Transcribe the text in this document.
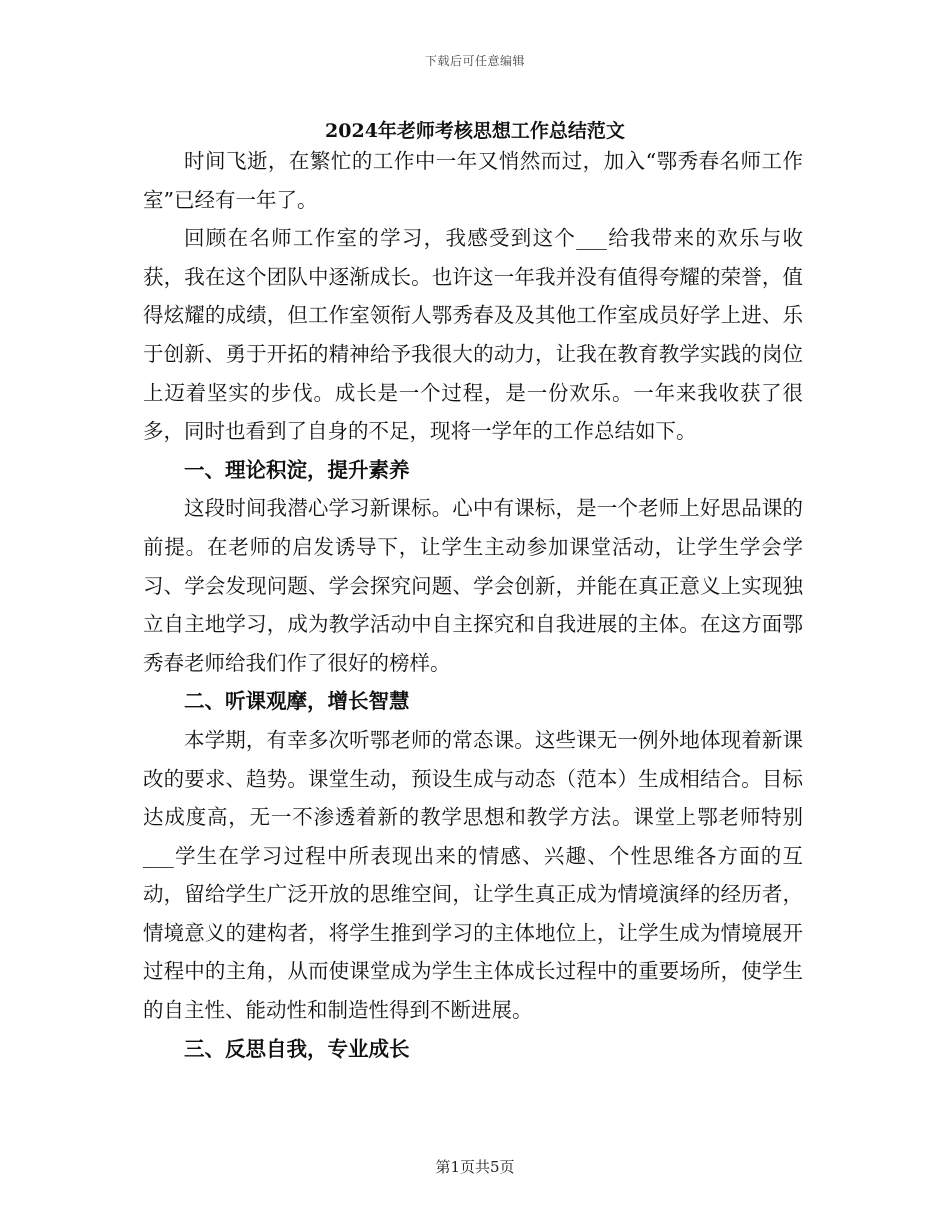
下载后可任意编辑
2024年老师考核思想工作总结范文

时间飞逝，在繁忙的工作中一年又悄然而过，加入“鄂秀春名师工作室”已经有一年了。

回顾在名师工作室的学习，我感受到这个___给我带来的欢乐与收获，我在这个团队中逐渐成长。也许这一年我并没有值得夸耀的荣誉，值得炫耀的成绩，但工作室领衔人鄂秀春及及其他工作室成员好学上进、乐于创新、勇于开拓的精神给予我很大的动力，让我在教育教学实践的岗位上迈着坚实的步伐。成长是一个过程，是一份欢乐。一年来我收获了很多，同时也看到了自身的不足，现将一学年的工作总结如下。

一、理论积淀，提升素养

这段时间我潜心学习新课标。心中有课标，是一个老师上好思品课的前提。在老师的启发诱导下，让学生主动参加课堂活动，让学生学会学习、学会发现问题、学会探究问题、学会创新，并能在真正意义上实现独立自主地学习，成为教学活动中自主探究和自我进展的主体。在这方面鄂秀春老师给我们作了很好的榜样。

二、听课观摩，增长智慧

本学期，有幸多次听鄂老师的常态课。这些课无一例外地体现着新课改的要求、趋势。课堂生动，预设生成与动态（范本）生成相结合。目标达成度高，无一不渗透着新的教学思想和教学方法。课堂上鄂老师特别___学生在学习过程中所表现出来的情感、兴趣、个性思维各方面的互动，留给学生广泛开放的思维空间，让学生真正成为情境演绎的经历者，情境意义的建构者，将学生推到学习的主体地位上，让学生成为情境展开过程中的主角，从而使课堂成为学生主体成长过程中的重要场所，使学生的自主性、能动性和制造性得到不断进展。

三、反思自我，专业成长
第1页共5页
